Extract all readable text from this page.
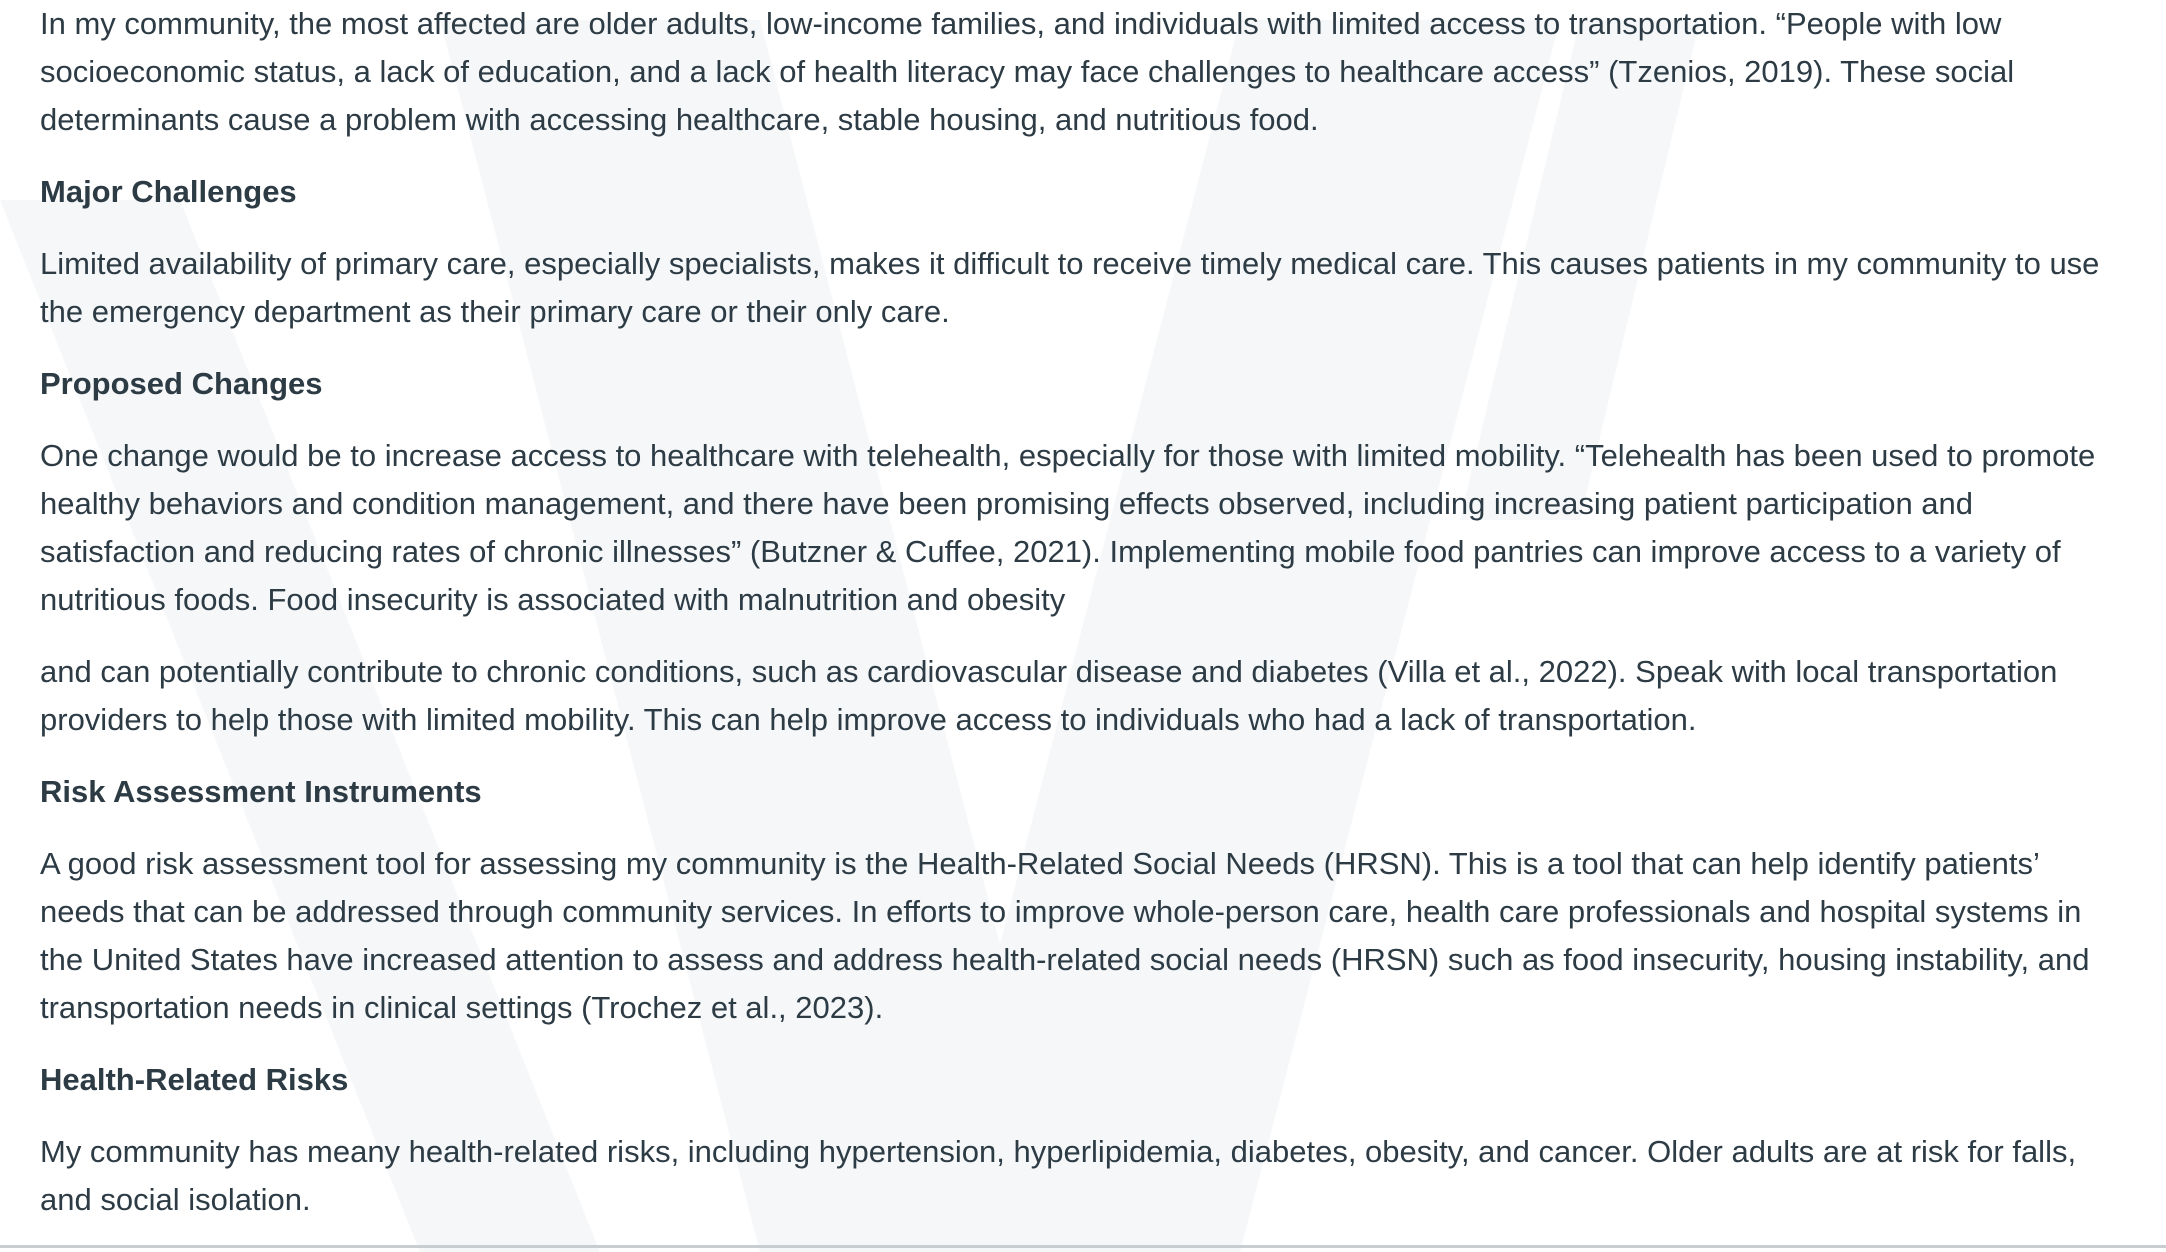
In my community, the most affected are older adults, low-income families, and individuals with limited access to transportation. “People with low socioeconomic status, a lack of education, and a lack of health literacy may face challenges to healthcare access” (Tzenios, 2019). These social determinants cause a problem with accessing healthcare, stable housing, and nutritious food.

Major Challenges

Limited availability of primary care, especially specialists, makes it difficult to receive timely medical care. This causes patients in my community to use the emergency department as their primary care or their only care.

Proposed Changes

One change would be to increase access to healthcare with telehealth, especially for those with limited mobility. “Telehealth has been used to promote healthy behaviors and condition management, and there have been promising effects observed, including increasing patient participation and satisfaction and reducing rates of chronic illnesses” (Butzner & Cuffee, 2021). Implementing mobile food pantries can improve access to a variety of nutritious foods. Food insecurity is associated with malnutrition and obesity

and can potentially contribute to chronic conditions, such as cardiovascular disease and diabetes (Villa et al., 2022). Speak with local transportation providers to help those with limited mobility. This can help improve access to individuals who had a lack of transportation.

Risk Assessment Instruments

A good risk assessment tool for assessing my community is the Health-Related Social Needs (HRSN). This is a tool that can help identify patients’ needs that can be addressed through community services. In efforts to improve whole-person care, health care professionals and hospital systems in the United States have increased attention to assess and address health-related social needs (HRSN) such as food insecurity, housing instability, and transportation needs in clinical settings (Trochez et al., 2023).

Health-Related Risks

My community has meany health-related risks, including hypertension, hyperlipidemia, diabetes, obesity, and cancer. Older adults are at risk for falls, and social isolation.
